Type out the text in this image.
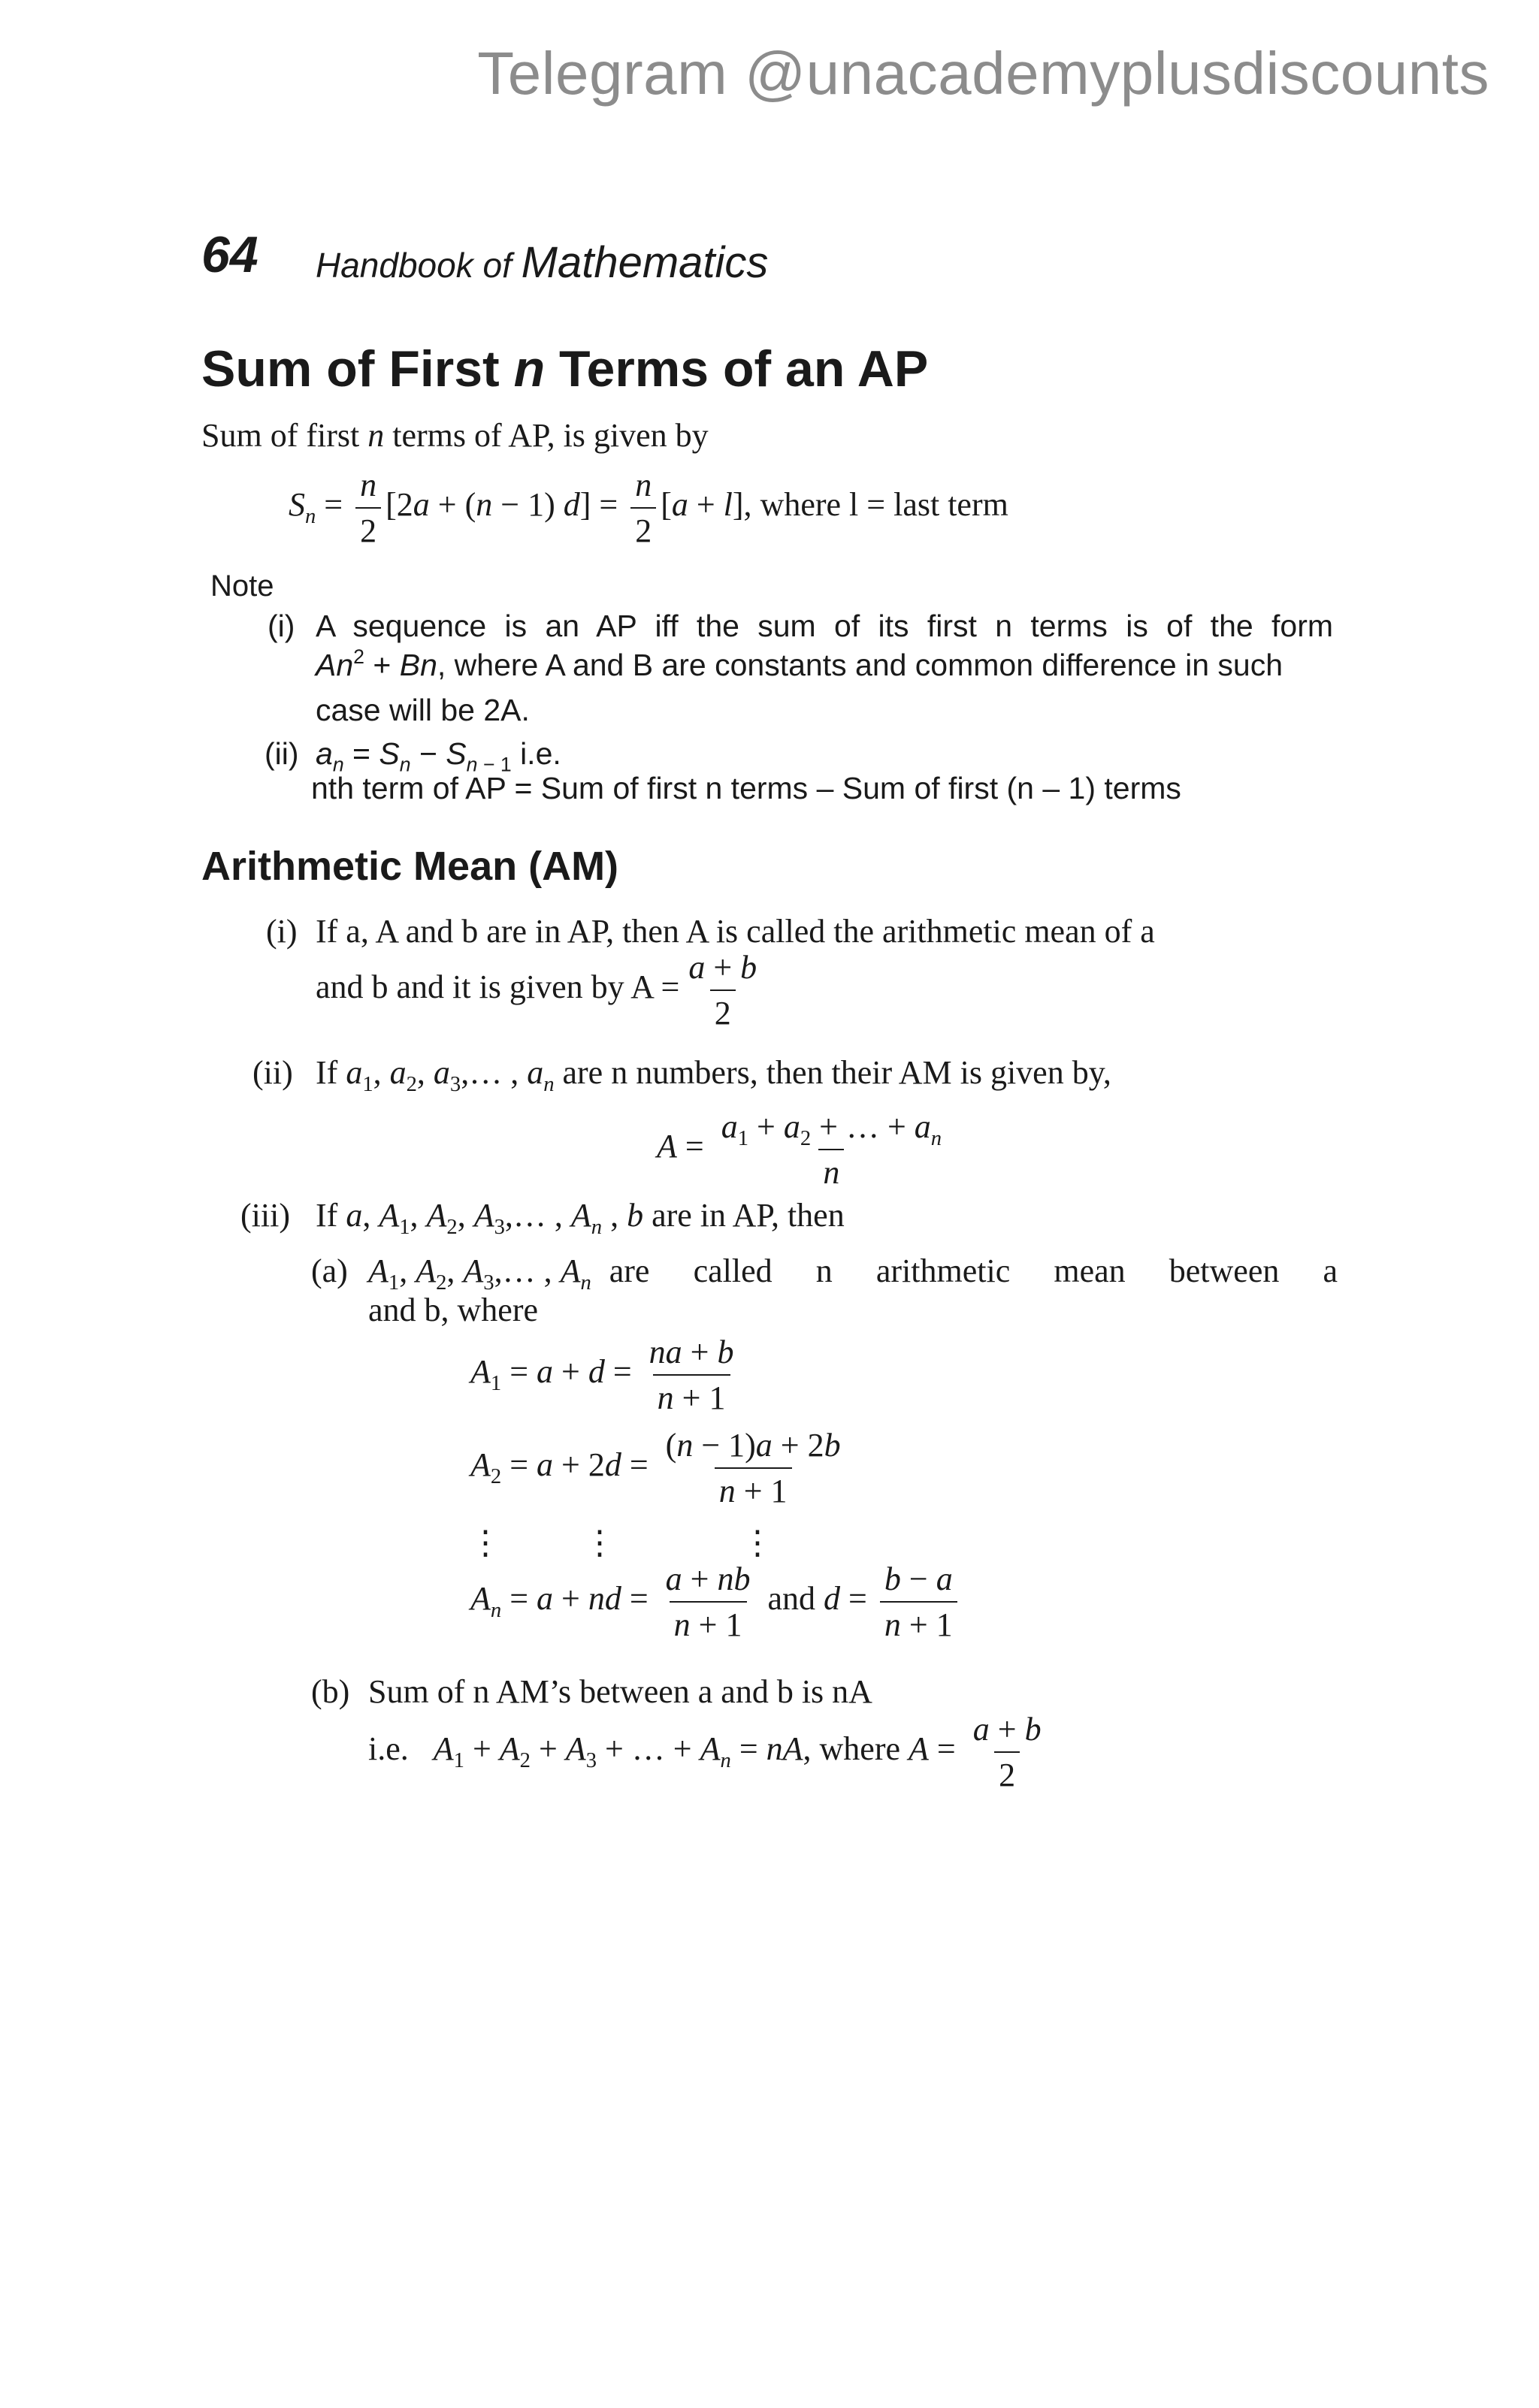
Telegram @unacademyplusdiscounts
64 Handbook of Mathematics
Sum of First n Terms of an AP
Sum of first n terms of AP, is given by
$S_n = \frac{n}{2} [2a + (n - 1) d] = \frac{n}{2} [a + l]$, where l = last term
Note
(i) A sequence is an AP iff the sum of its first n terms is of the form
$An^2 + Bn$, where A and B are constants and common difference in such
case will be 2A.
(ii) $a_n = S_n - S_{n - 1}$ i.e.
nth term of AP = Sum of first n terms – Sum of first (n – 1) terms
Arithmetic Mean (AM)
(i) If a, A and b are in AP, then A is called the arithmetic mean of a
and b and it is given by $A = \frac{a + b}{2}$
(ii) If $a_1$, $a_2$, $a_3,\dots$ , $a_n$ are n numbers, then their AM is given by,
$A = \frac{a_1 + a_2 + \dots + a_n}{n}$
(iii) If a, $A_1$, $A_2$, $A_3,\dots$ , $A_n$ , b are in AP, then
(a) $A_1$, $A_2$, $A_3,\dots$ , $A_n$ are called n arithmetic mean between a
and b, where
$A_1 = a + d = \frac{na + b}{n + 1}$
$A_2 = a + 2d = \frac{(n - 1)a + 2b}{n + 1}$
⋮ ⋮	⋮
$A_n = a$ + nd = $\frac{a + nb}{n + 1}$ and $d = \frac{b - a}{n + 1}$
(b) Sum of n AM’s between a and b is nA
i.e. $A_1 + A_2 + A_3$ + … + $A_n$ = nA, where $A = \frac{a + b}{2}$
